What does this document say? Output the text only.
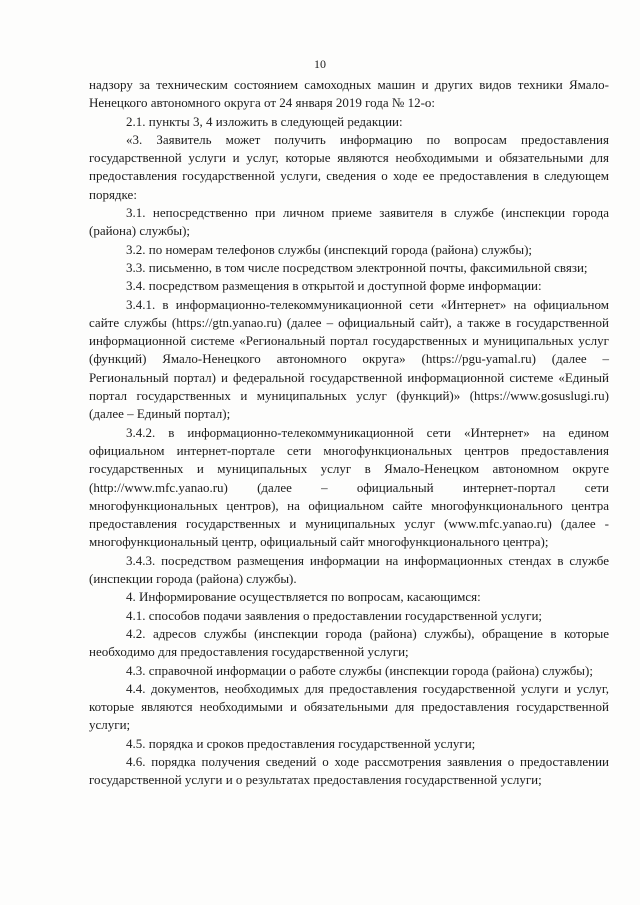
10

надзору за техническим состоянием самоходных машин и других видов техники Ямало-Ненецкого автономного округа от 24 января 2019 года № 12-о:

2.1. пункты 3, 4 изложить в следующей редакции:

«3. Заявитель может получить информацию по вопросам предоставления государственной услуги и услуг, которые являются необходимыми и обязательными для предоставления государственной услуги, сведения о ходе ее предоставления в следующем порядке:

3.1. непосредственно при личном приеме заявителя в службе (инспекции города (района) службы);

3.2. по номерам телефонов службы (инспекций города (района) службы);

3.3. письменно, в том числе посредством электронной почты, факсимильной связи;

3.4. посредством размещения в открытой и доступной форме информации:

3.4.1. в информационно-телекоммуникационной сети «Интернет» на официальном сайте службы (https://gtn.yanao.ru) (далее – официальный сайт), а также в государственной информационной системе «Региональный портал государственных и муниципальных услуг (функций) Ямало-Ненецкого автономного округа» (https://pgu-yamal.ru) (далее – Региональный портал) и федеральной государственной информационной системе «Единый портал государственных и муниципальных услуг (функций)» (https://www.gosuslugi.ru) (далее – Единый портал);

3.4.2. в информационно-телекоммуникационной сети «Интернет» на едином официальном интернет-портале сети многофункциональных центров предоставления государственных и муниципальных услуг в Ямало-Ненецком автономном округе (http://www.mfc.yanao.ru) (далее – официальный интернет-портал сети многофункциональных центров), на официальном сайте многофункционального центра предоставления государственных и муниципальных услуг (www.mfc.yanao.ru) (далее - многофункциональный центр, официальный сайт многофункционального центра);

3.4.3. посредством размещения информации на информационных стендах в службе (инспекции города (района) службы).

4. Информирование осуществляется по вопросам, касающимся:

4.1. способов подачи заявления о предоставлении государственной услуги;

4.2. адресов службы (инспекции города (района) службы), обращение в которые необходимо для предоставления государственной услуги;

4.3. справочной информации о работе службы (инспекции города (района) службы);

4.4. документов, необходимых для предоставления государственной услуги и услуг, которые являются необходимыми и обязательными для предоставления государственной услуги;

4.5. порядка и сроков предоставления государственной услуги;

4.6. порядка получения сведений о ходе рассмотрения заявления о предоставлении государственной услуги и о результатах предоставления государственной услуги;
